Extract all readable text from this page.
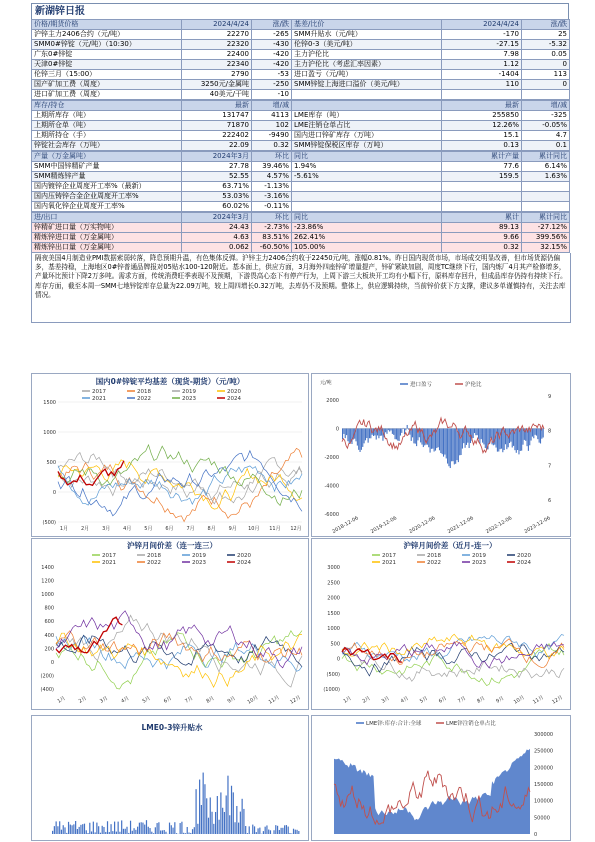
新湖锌日报
价格/期货价格	2024/4/24	涨/跌	基差/比价	2024/4/24	涨/跌
沪锌主力2406合约（元/吨）	22270	-265	SMM升贴水（元/吨）	-170	25
SMM0#锌锭（元/吨）（10:30）	22320	-430	伦锌0-3（美元/吨）	-27.15	-5.32
广东0#锌锭	22400	-420	主力沪伦比	7.98	0.05
天津0#锌锭	22340	-420	主力沪伦比（考虑汇率因素）	1.12	0
伦锌三月（15:00）	2790	-53	进口盈亏（元/吨）	-1404	113
国产矿加工费（周度）	3250元/金属吨	-250	SMM锌锭上海进口溢价（美元/吨）	110	0
进口矿加工费（周度）	40美元/干吨	-10			
库存/持仓	最新	增/减		最新	增/减
上期所库存（吨）	131747	4113	LME库存（吨）	255850	-325
上期所仓单（吨）	71870	102	LME注销仓单占比	12.26%	-0.05%
上期所持仓（手）	222402	-9490	国内进口锌矿库存（万吨）	15.1	4.7
锌锭社会库存（万吨）	22.09	0.32	SMM锌锭保税区库存（万吨）	0.13	0.1
产量（万金属吨）	2024年3月	环比	同比	累计产量	累计同比
SMM中国锌精矿产量	27.78	39.46%	1.94%	77.6	6.14%
SMM精炼锌产量	52.55	4.57%	-5.61%	159.5	1.63%
国内镀锌企业周度开工率%（最新）	63.71%	-1.13%			
国内压铸锌合金企业周度开工率%	53.03%	-3.16%			
国内氧化锌企业周度开工率%	60.02%	-0.11%			
进/出口	2024年3月	环比	同比	累计	累计同比
锌精矿进口量（万实物吨）	24.43	-2.73%	-23.86%	89.13	-27.12%
精炼锌进口量（万金属吨）	4.63	83.51%	262.41%	9.66	399.56%
精炼锌出口量（万金属吨）	0.062	-60.50%	105.00%	0.32	32.15%
隔夜美国4月制造业PMI数据索弱转落，降息预期升温，有色集体反弹。沪锌主力2406合约收于22450元/吨，涨幅0.81%。昨日国内现货市场，市场成交明显改善，但市场货源仍偏多，基差持稳，上海地区0#锌普通品牌报对05贴水100-120附近。基本面上，供应方面，3月海外四座锌矿增量提产，锌矿紧缺加剧，周度TC继续下行，国内炼厂4月其产检修增多，产量环比预计下降2万多吨。需求方面，传统消费旺季表现不及预期，下游畏高心态下有停产行为，上周下游三大板块开工均有小幅下行，原料库存回升，但成品库存仍持有持续下行。库存方面，截至本周一SMM七地锌锭库存总量为22.09万吨，较上周四增长0.32万吨，去库仍不及预期。整体上，供应逻辑持续，当前锌价获下方支撑，建议多单谨慎持有，关注去库情况。
国内0#锌锭平均基差（现货-期货）（元/吨）
2017	2018	2019	2020
2021	2022	2023	2024
1500
1000
500
0
(500)
1月	2月	3月	4月	5月	6月	7月	8月	9月 10月 11月 12月
元/吨	进口盈亏	沪伦比
2000
0
-2000
-4000
-6000
9
8
7
6
2018-12-06 2019-12-06 2020-12-06 2021-12-06 2022-12-06 2023-12-06
沪锌月间价差（连一连三）
2017	2018	2019	2020
2021	2022	2023	2024
1400
1200
1000
800
600
400
200
0
(200)
(400)
1月 2月 3月 4月 5月 6月 7月 8月 9月 10月 11月 12月
沪锌月间价差（近月-连一）
2017	2018	2019	2020
2021	2022	2023	2024
3000
2500
2000
1500
1000
500
0
(500)
(1000)
1月 2月 3月 4月 5月 6月 7月 8月 9月 10月 11月 12月
LME0-3锌升贴水	LME锌:库存:合计:全球	LME锌注销仓单占比
300000
250000
200000
150000
100000
50000
0
